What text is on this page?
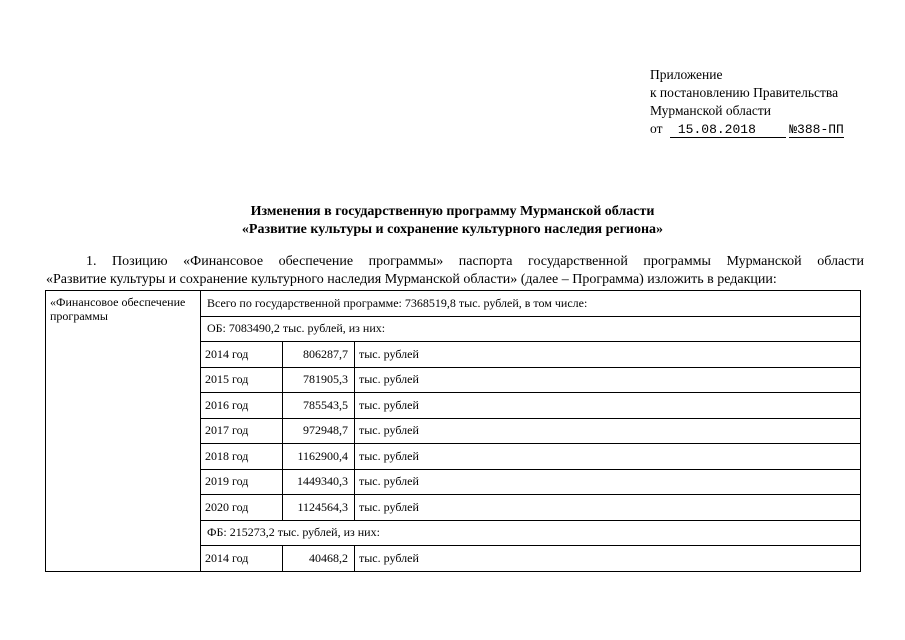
Приложение
к постановлению Правительства
Мурманской области
от 15.08.2018	№388-ПП
Изменения в государственную программу Мурманской области
«Развитие культуры и сохранение культурного наследия региона»
1. Позицию «Финансовое обеспечение программы» паспорта государственной программы Мурманской области
«Развитие культуры и сохранение культурного наследия Мурманской области» (далее – Программа) изложить в редакции:
«Финансовое обеспечение программы	Всего по государственной программе: 7368519,8 тыс. рублей, в том числе:		
	ОБ: 7083490,2 тыс. рублей, из них:		
	2014 год	806287,7	тыс. рублей
	2015 год	781905,3	тыс. рублей
	2016 год	785543,5	тыс. рублей
	2017 год	972948,7	тыс. рублей
	2018 год	1162900,4	тыс. рублей
	2019 год	1449340,3	тыс. рублей
	2020 год	1124564,3	тыс. рублей
	ФБ: 215273,2 тыс. рублей, из них:		
	2014 год	40468,2	тыс. рублей
